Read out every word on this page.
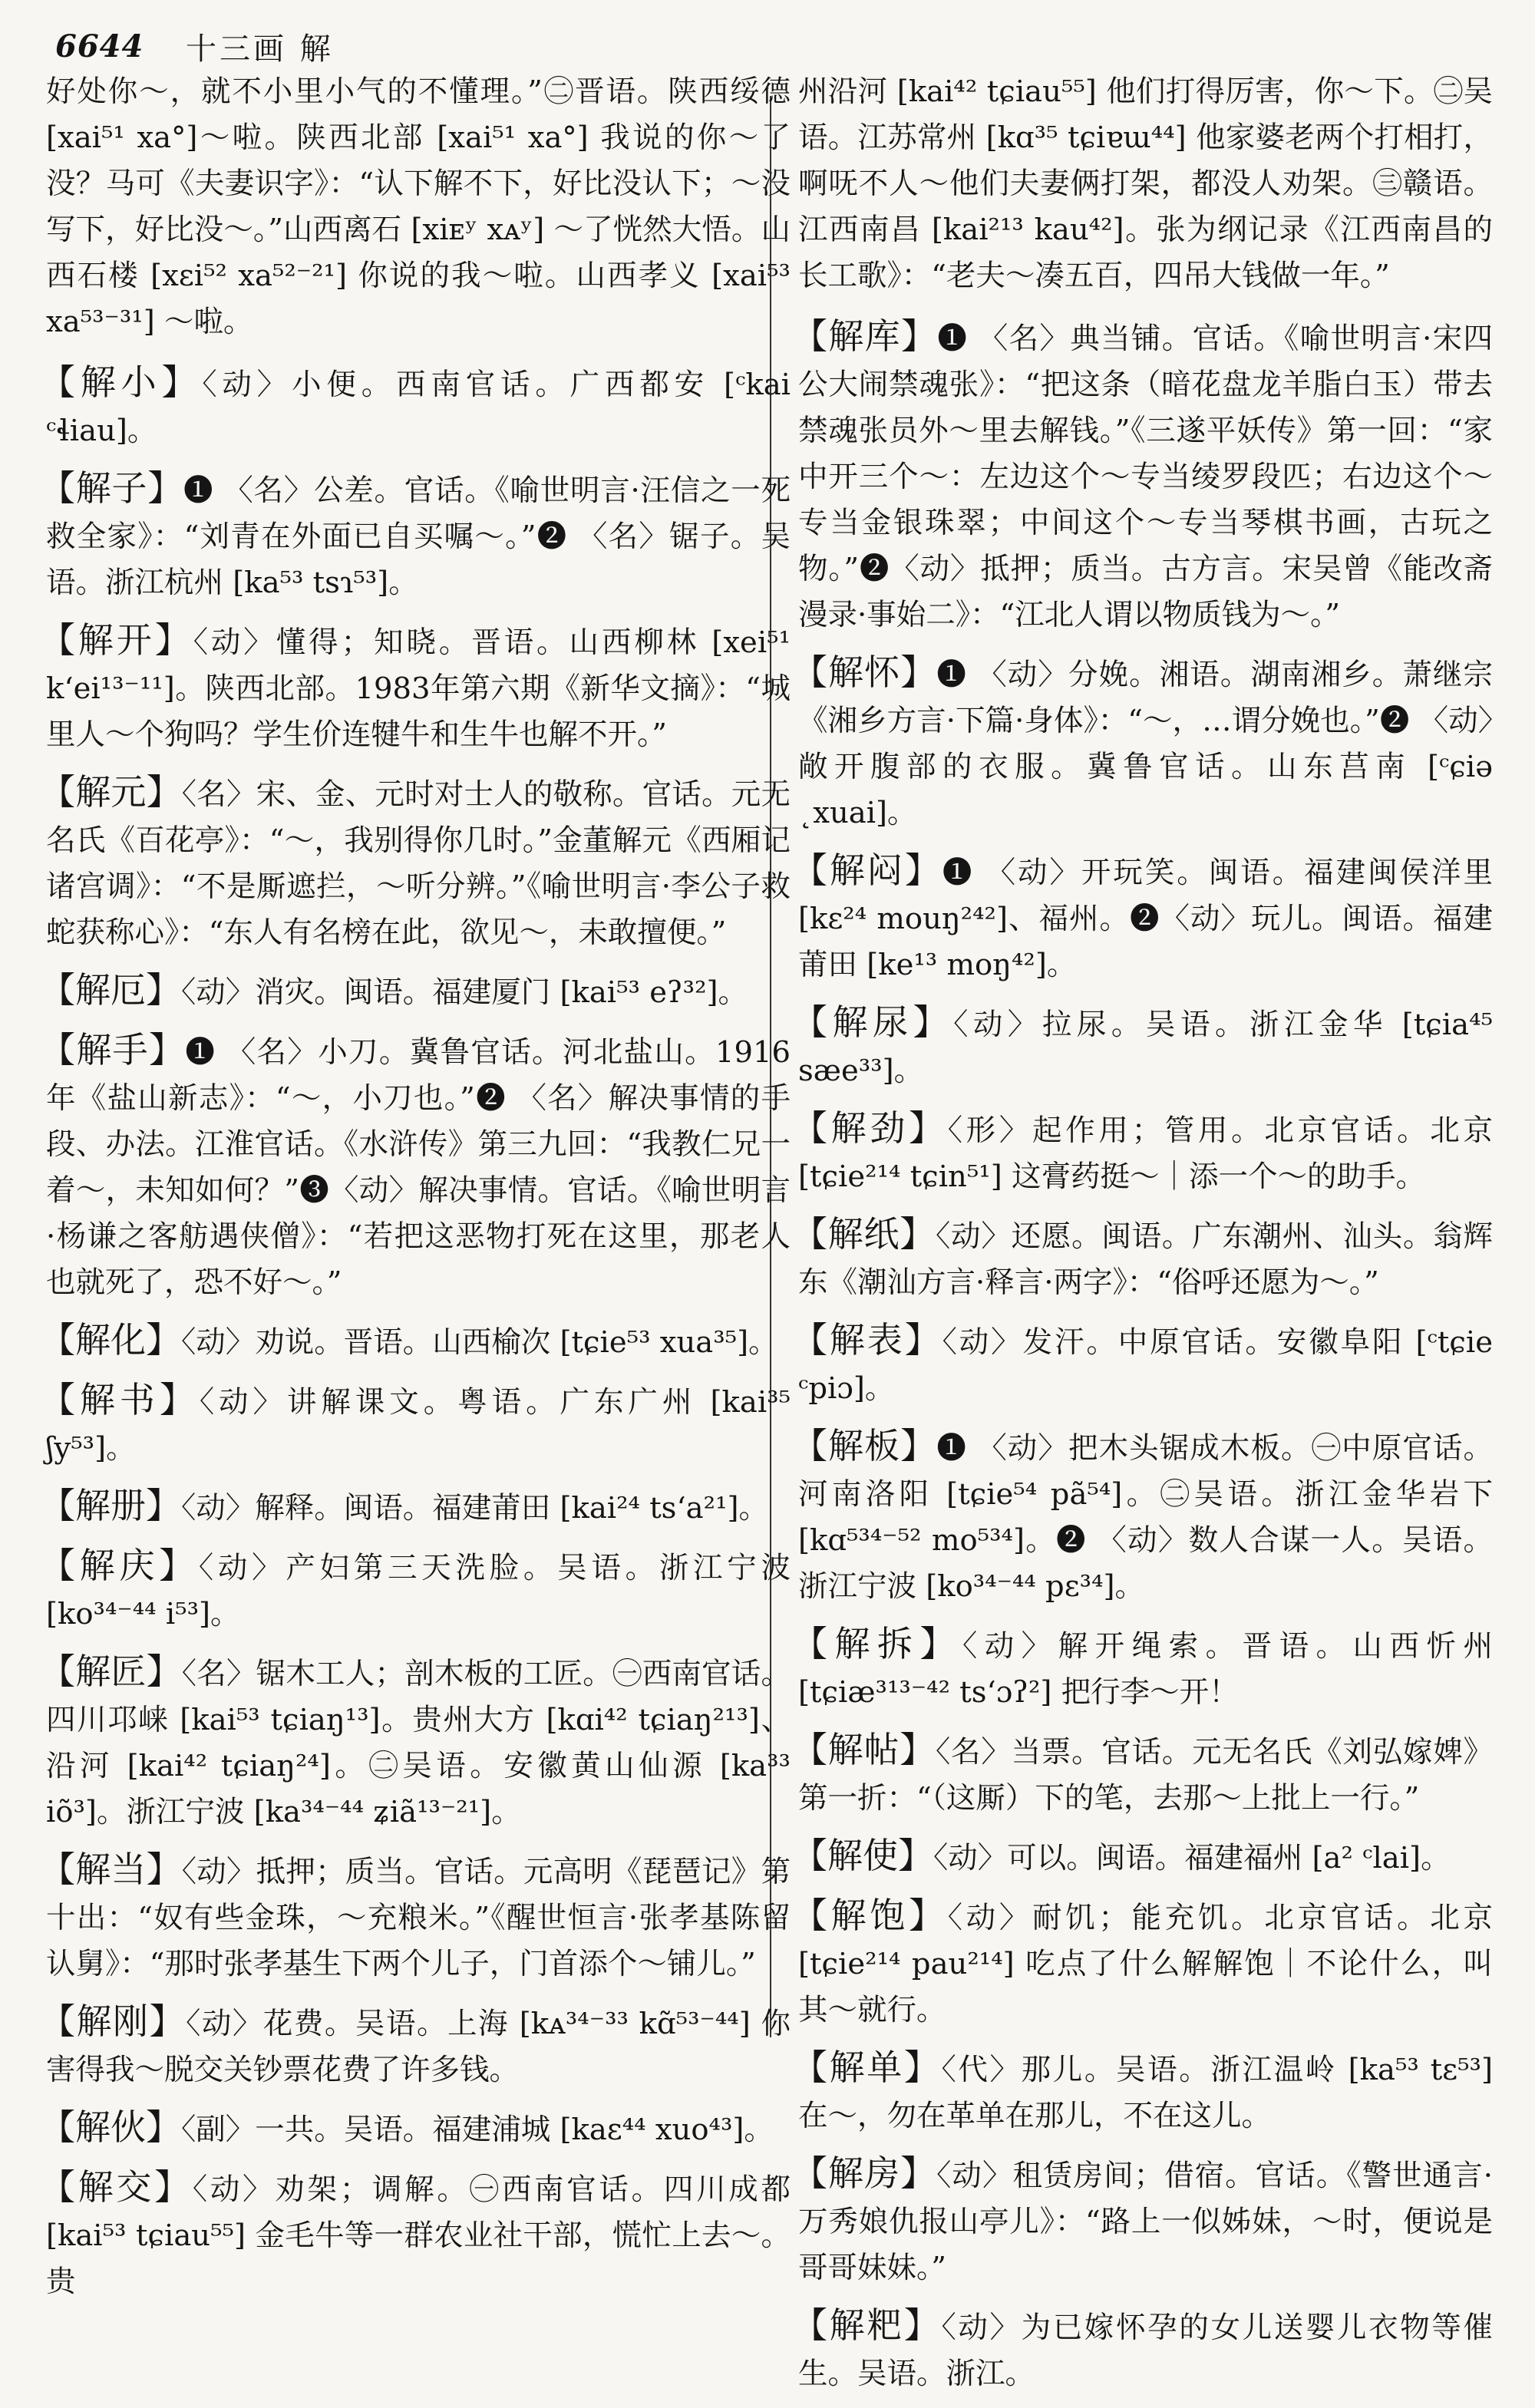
6644	十三画 解

好处你～，就不小里小气的不懂理。”㊁晋语。陕西绥德[xai⁵¹ xa°]～啦。陕西北部 [xai⁵¹ xa°] 我说的你～了没？马可《夫妻识字》：“认下解不下，好比没认下；～没写下，好比没～。”山西离石 [xiᴇʸ xᴀʸ] ～了恍然大悟。山西石楼 [xɛi⁵² xa⁵²⁻²¹] 你说的我～啦。山西孝义 [xai⁵³ xa⁵³⁻³¹] ～啦。

【解小】〈动〉小便。西南官话。广西都安 [ᶜkai ᶜɬiau]。

【解子】❶ 〈名〉公差。官话。《喻世明言·汪信之一死救全家》：“刘青在外面已自买嘱～。”❷ 〈名〉锯子。吴语。浙江杭州 [ka⁵³ tsɿ⁵³]。

【解开】〈动〉懂得；知晓。晋语。山西柳林 [xei⁵¹ k‘ei¹³⁻¹¹]。陕西北部。1983年第六期《新华文摘》：“城里人～个狗吗？学生价连犍牛和生牛也解不开。”

【解元】〈名〉宋、金、元时对士人的敬称。官话。元无名氏《百花亭》：“～，我别得你几时。”金董解元《西厢记诸宫调》：“不是厮遮拦，～听分辨。”《喻世明言·李公子救蛇获称心》：“东人有名榜在此，欲见～，未敢擅便。”

【解厄】〈动〉消灾。闽语。福建厦门 [kai⁵³ eʔ³²]。

【解手】❶ 〈名〉小刀。冀鲁官话。河北盐山。1916年《盐山新志》：“～，小刀也。”❷ 〈名〉解决事情的手段、办法。江淮官话。《水浒传》第三九回：“我教仁兄一着～，未知如何？”❸〈动〉解决事情。官话。《喻世明言·杨谦之客舫遇侠僧》：“若把这恶物打死在这里，那老人也就死了，恐不好～。”

【解化】〈动〉劝说。晋语。山西榆次 [tɕie⁵³ xua³⁵]。

【解书】〈动〉讲解课文。粤语。广东广州 [kai³⁵ ʃy⁵³]。

【解册】〈动〉解释。闽语。福建莆田 [kai²⁴ ts‘a²¹]。

【解庆】〈动〉产妇第三天洗脸。吴语。浙江宁波 [ko³⁴⁻⁴⁴ i⁵³]。

【解匠】〈名〉锯木工人；剖木板的工匠。㊀西南官话。四川邛崃 [kai⁵³ tɕiaŋ¹³]。贵州大方 [kɑi⁴² tɕiaŋ²¹³]、沿河 [kai⁴² tɕiaŋ²⁴]。㊁吴语。安徽黄山仙源 [ka³³ iõ³]。浙江宁波 [ka³⁴⁻⁴⁴ ʑiã¹³⁻²¹]。

【解当】〈动〉抵押；质当。官话。元高明《琵琶记》第十出：“奴有些金珠，～充粮米。”《醒世恒言·张孝基陈留认舅》：“那时张孝基生下两个儿子，门首添个～铺儿。”

【解刚】〈动〉花费。吴语。上海 [kᴀ³⁴⁻³³ kɑ̃⁵³⁻⁴⁴] 你害得我～脱交关钞票花费了许多钱。

【解伙】〈副〉一共。吴语。福建浦城 [kaɛ⁴⁴ xuo⁴³]。

【解交】〈动〉劝架；调解。㊀西南官话。四川成都 [kai⁵³ tɕiau⁵⁵] 金毛牛等一群农业社干部，慌忙上去～。贵

州沿河 [kai⁴² tɕiau⁵⁵] 他们打得厉害，你～下。㊁吴语。江苏常州 [kɑ³⁵ tɕiɐɯ⁴⁴] 他家婆老两个打相打，啊呒不人～他们夫妻俩打架，都没人劝架。㊂赣语。江西南昌 [kai²¹³ kau⁴²]。张为纲记录《江西南昌的长工歌》：“老夫～凑五百，四吊大钱做一年。”

【解库】❶ 〈名〉典当铺。官话。《喻世明言·宋四公大闹禁魂张》：“把这条（暗花盘龙羊脂白玉）带去禁魂张员外～里去解钱。”《三遂平妖传》第一回：“家中开三个～：左边这个～专当绫罗段匹；右边这个～专当金银珠翠；中间这个～专当琴棋书画，古玩之物。”❷〈动〉抵押；质当。古方言。宋吴曾《能改斋漫录·事始二》：“江北人谓以物质钱为～。”

【解怀】❶ 〈动〉分娩。湘语。湖南湘乡。萧继宗《湘乡方言·下篇·身体》：“～，…谓分娩也。”❷ 〈动〉敞开腹部的衣服。冀鲁官话。山东莒南 [ᶜɕiə ˛xuai]。

【解闷】❶ 〈动〉开玩笑。闽语。福建闽侯洋里 [kɛ²⁴ mouŋ²⁴²]、福州。❷〈动〉玩儿。闽语。福建莆田 [ke¹³ moŋ⁴²]。

【解尿】〈动〉拉尿。吴语。浙江金华 [tɕia⁴⁵ sæe³³]。

【解劲】〈形〉起作用；管用。北京官话。北京 [tɕie²¹⁴ tɕin⁵¹] 这膏药挺～｜添一个～的助手。

【解纸】〈动〉还愿。闽语。广东潮州、汕头。翁辉东《潮汕方言·释言·两字》：“俗呼还愿为～。”

【解表】〈动〉发汗。中原官话。安徽阜阳 [ᶜtɕie ᶜpiɔ]。

【解板】❶ 〈动〉把木头锯成木板。㊀中原官话。河南洛阳 [tɕie⁵⁴ pã⁵⁴]。㊁吴语。浙江金华岩下 [kɑ⁵³⁴⁻⁵² mo⁵³⁴]。❷ 〈动〉数人合谋一人。吴语。浙江宁波 [ko³⁴⁻⁴⁴ pɛ³⁴]。

【解拆】〈动〉解开绳索。晋语。山西忻州 [tɕiæ³¹³⁻⁴² ts‘ɔʔ²] 把行李～开！

【解帖】〈名〉当票。官话。元无名氏《刘弘嫁婢》第一折：“（这厮）下的笔，去那～上批上一行。”

【解使】〈动〉可以。闽语。福建福州 [a² ᶜlai]。

【解饱】〈动〉耐饥；能充饥。北京官话。北京 [tɕie²¹⁴ pau²¹⁴] 吃点了什么解解饱｜不论什么，叫其～就行。

【解单】〈代〉那儿。吴语。浙江温岭 [ka⁵³ tɛ⁵³] 在～，勿在革单在那儿，不在这儿。

【解房】〈动〉租赁房间；借宿。官话。《警世通言·万秀娘仇报山亭儿》：“路上一似姊妹，～时，便说是哥哥妹妹。”

【解粑】〈动〉为已嫁怀孕的女儿送婴儿衣物等催生。吴语。浙江。
